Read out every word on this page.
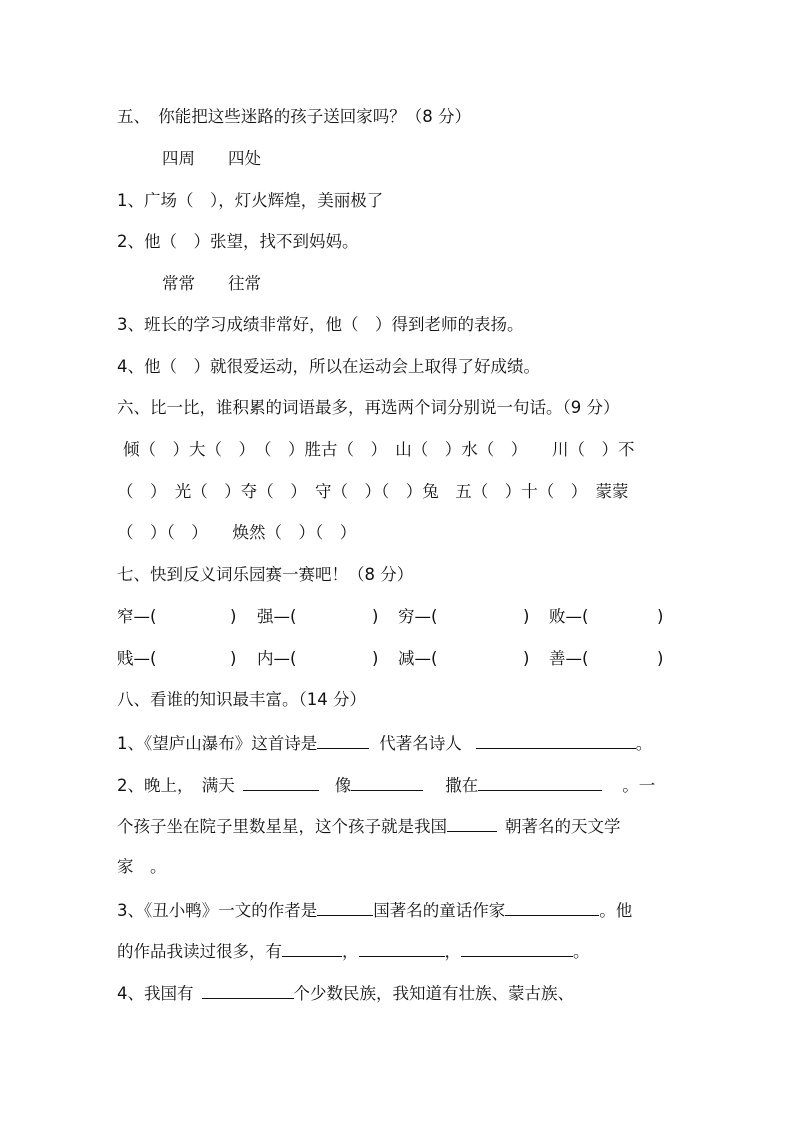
五、　你能把这些迷路的孩子送回家吗？（8 分）
四周　　四处
1、广场（　），灯火辉煌，美丽极了
2、他（　）张望，找不到妈妈。
常常　　往常
3、班长的学习成绩非常好，他（　）得到老师的表扬。
4、他（　）就很爱运动，所以在运动会上取得了好成绩。
六、比一比，谁积累的词语最多，再选两个词分别说一句话。（9 分）
倾（　）大（　）　（　）胜古（　）　山（　）水（　）　　川（　）不
（　）　光（　）夺（　）　守（　）（　）兔　五（　）十（　）　蒙蒙
（　）（　）　　焕然（　）（　）
七、快到反义词乐园赛一赛吧！（8 分）
窄—(	) 强—(	) 穷—(	) 败—(	)
贱—(	) 内—(	) 减—(	) 善—(	)
八、看谁的知识最丰富。（14 分）
1、《望庐山瀑布》这首诗是	代著名诗人	。
2、晚上，　满天	像	撒在	。一
个孩子坐在院子里数星星，这个孩子就是我国	朝著名的天文学
家　。
3、《丑小鸭》一文的作者是	国著名的童话作家	。他
的作品我读过很多，有	，	，	。
4、我国有	个少数民族，我知道有壮族、蒙古族、
